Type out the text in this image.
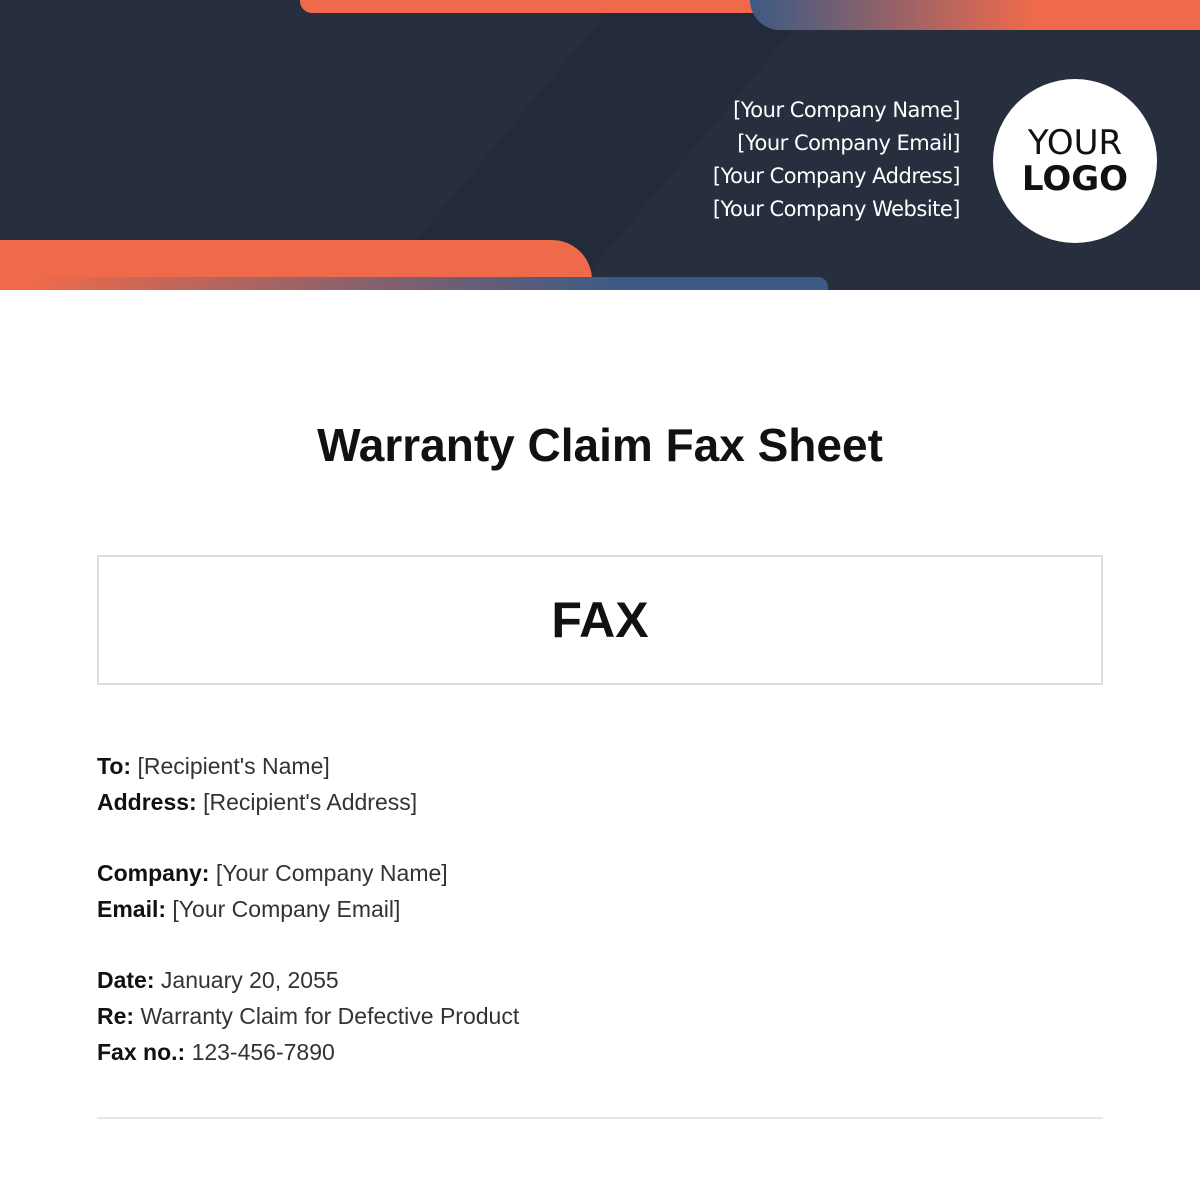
[Your Company Name]
[Your Company Email]
[Your Company Address]
[Your Company Website]
YOUR
LOGO
Warranty Claim Fax Sheet
FAX
To: [Recipient's Name]
Address: [Recipient's Address]
Company: [Your Company Name]
Email: [Your Company Email]
Date: January 20, 2055
Re: Warranty Claim for Defective Product
Fax no.: 123-456-7890
